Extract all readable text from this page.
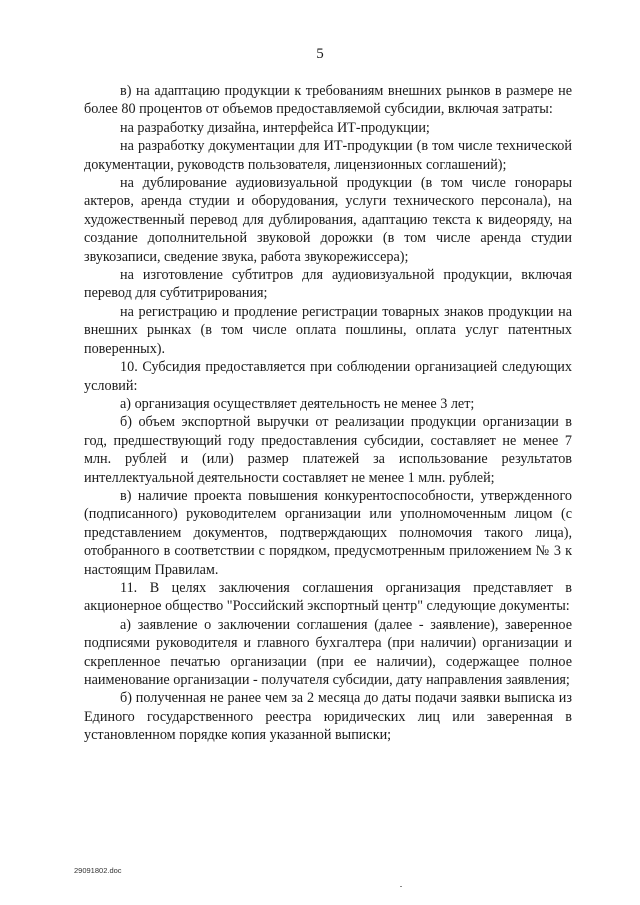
5

в) на адаптацию продукции к требованиям внешних рынков в размере не более 80 процентов от объемов предоставляемой субсидии, включая затраты:

на разработку дизайна, интерфейса ИТ-продукции;

на разработку документации для ИТ-продукции (в том числе технической документации, руководств пользователя, лицензионных соглашений);

на дублирование аудиовизуальной продукции (в том числе гонорары актеров, аренда студии и оборудования, услуги технического персонала), на художественный перевод для дублирования, адаптацию текста к видеоряду, на создание дополнительной звуковой дорожки (в том числе аренда студии звукозаписи, сведение звука, работа звукорежиссера);

на изготовление субтитров для аудиовизуальной продукции, включая перевод для субтитрирования;

на регистрацию и продление регистрации товарных знаков продукции на внешних рынках (в том числе оплата пошлины, оплата услуг патентных поверенных).

10. Субсидия предоставляется при соблюдении организацией следующих условий:

а) организация осуществляет деятельность не менее 3 лет;

б) объем экспортной выручки от реализации продукции организации в год, предшествующий году предоставления субсидии, составляет не менее 7 млн. рублей и (или) размер платежей за использование результатов интеллектуальной деятельности составляет не менее 1 млн. рублей;

в) наличие проекта повышения конкурентоспособности, утвержденного (подписанного) руководителем организации или уполномоченным лицом (с представлением документов, подтверждающих полномочия такого лица), отобранного в соответствии с порядком, предусмотренным приложением № 3 к настоящим Правилам.

11. В целях заключения соглашения организация представляет в акционерное общество "Российский экспортный центр" следующие документы:

а) заявление о заключении соглашения (далее - заявление), заверенное подписями руководителя и главного бухгалтера (при наличии) организации и скрепленное печатью организации (при ее наличии), содержащее полное наименование организации - получателя субсидии, дату направления заявления;

б) полученная не ранее чем за 2 месяца до даты подачи заявки выписка из Единого государственного реестра юридических лиц или заверенная в установленном порядке копия указанной выписки;

29091802.doc
